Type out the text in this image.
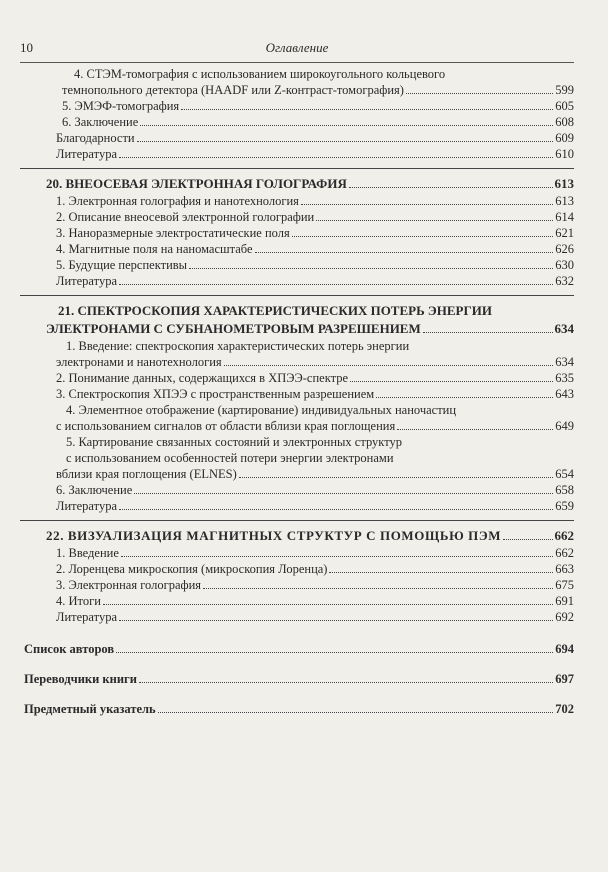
10	Оглавление
4. СТЭМ-томография с использованием широкоугольного кольцевого
темнопольного детектора (HAADF или Z-контраст-томография)	599
5. ЭМЭФ-томография	605
6. Заключение	608
Благодарности	609
Литература	610
20. ВНЕОСЕВАЯ ЭЛЕКТРОННАЯ ГОЛОГРАФИЯ	613
1. Электронная голография и нанотехнология	613
2. Описание внеосевой электронной голографии	614
3. Наноразмерные электростатические поля	621
4. Магнитные поля на наномасштабе	626
5. Будущие перспективы	630
Литература	632
21. СПЕКТРОСКОПИЯ ХАРАКТЕРИСТИЧЕСКИХ ПОТЕРЬ ЭНЕРГИИ
ЭЛЕКТРОНАМИ С СУБНАНОМЕТРОВЫМ РАЗРЕШЕНИЕМ	634
1. Введение: спектроскопия характеристических потерь энергии
электронами и нанотехнология	634
2. Понимание данных, содержащихся в ХПЭЭ-спектре	635
3. Спектроскопия ХПЭЭ с пространственным разрешением	643
4. Элементное отображение (картирование) индивидуальных наночастиц
с использованием сигналов от области вблизи края поглощения	649
5. Картирование связанных состояний и электронных структур
с использованием особенностей потери энергии электронами
вблизи края поглощения (ELNES)	654
6. Заключение	658
Литература	659
22. ВИЗУАЛИЗАЦИЯ МАГНИТНЫХ СТРУКТУР С ПОМОЩЬЮ ПЭМ	662
1. Введение	662
2. Лоренцева микроскопия (микроскопия Лоренца)	663
3. Электронная голография	675
4. Итоги	691
Литература	692
Список авторов	694
Переводчики книги	697
Предметный указатель	702
